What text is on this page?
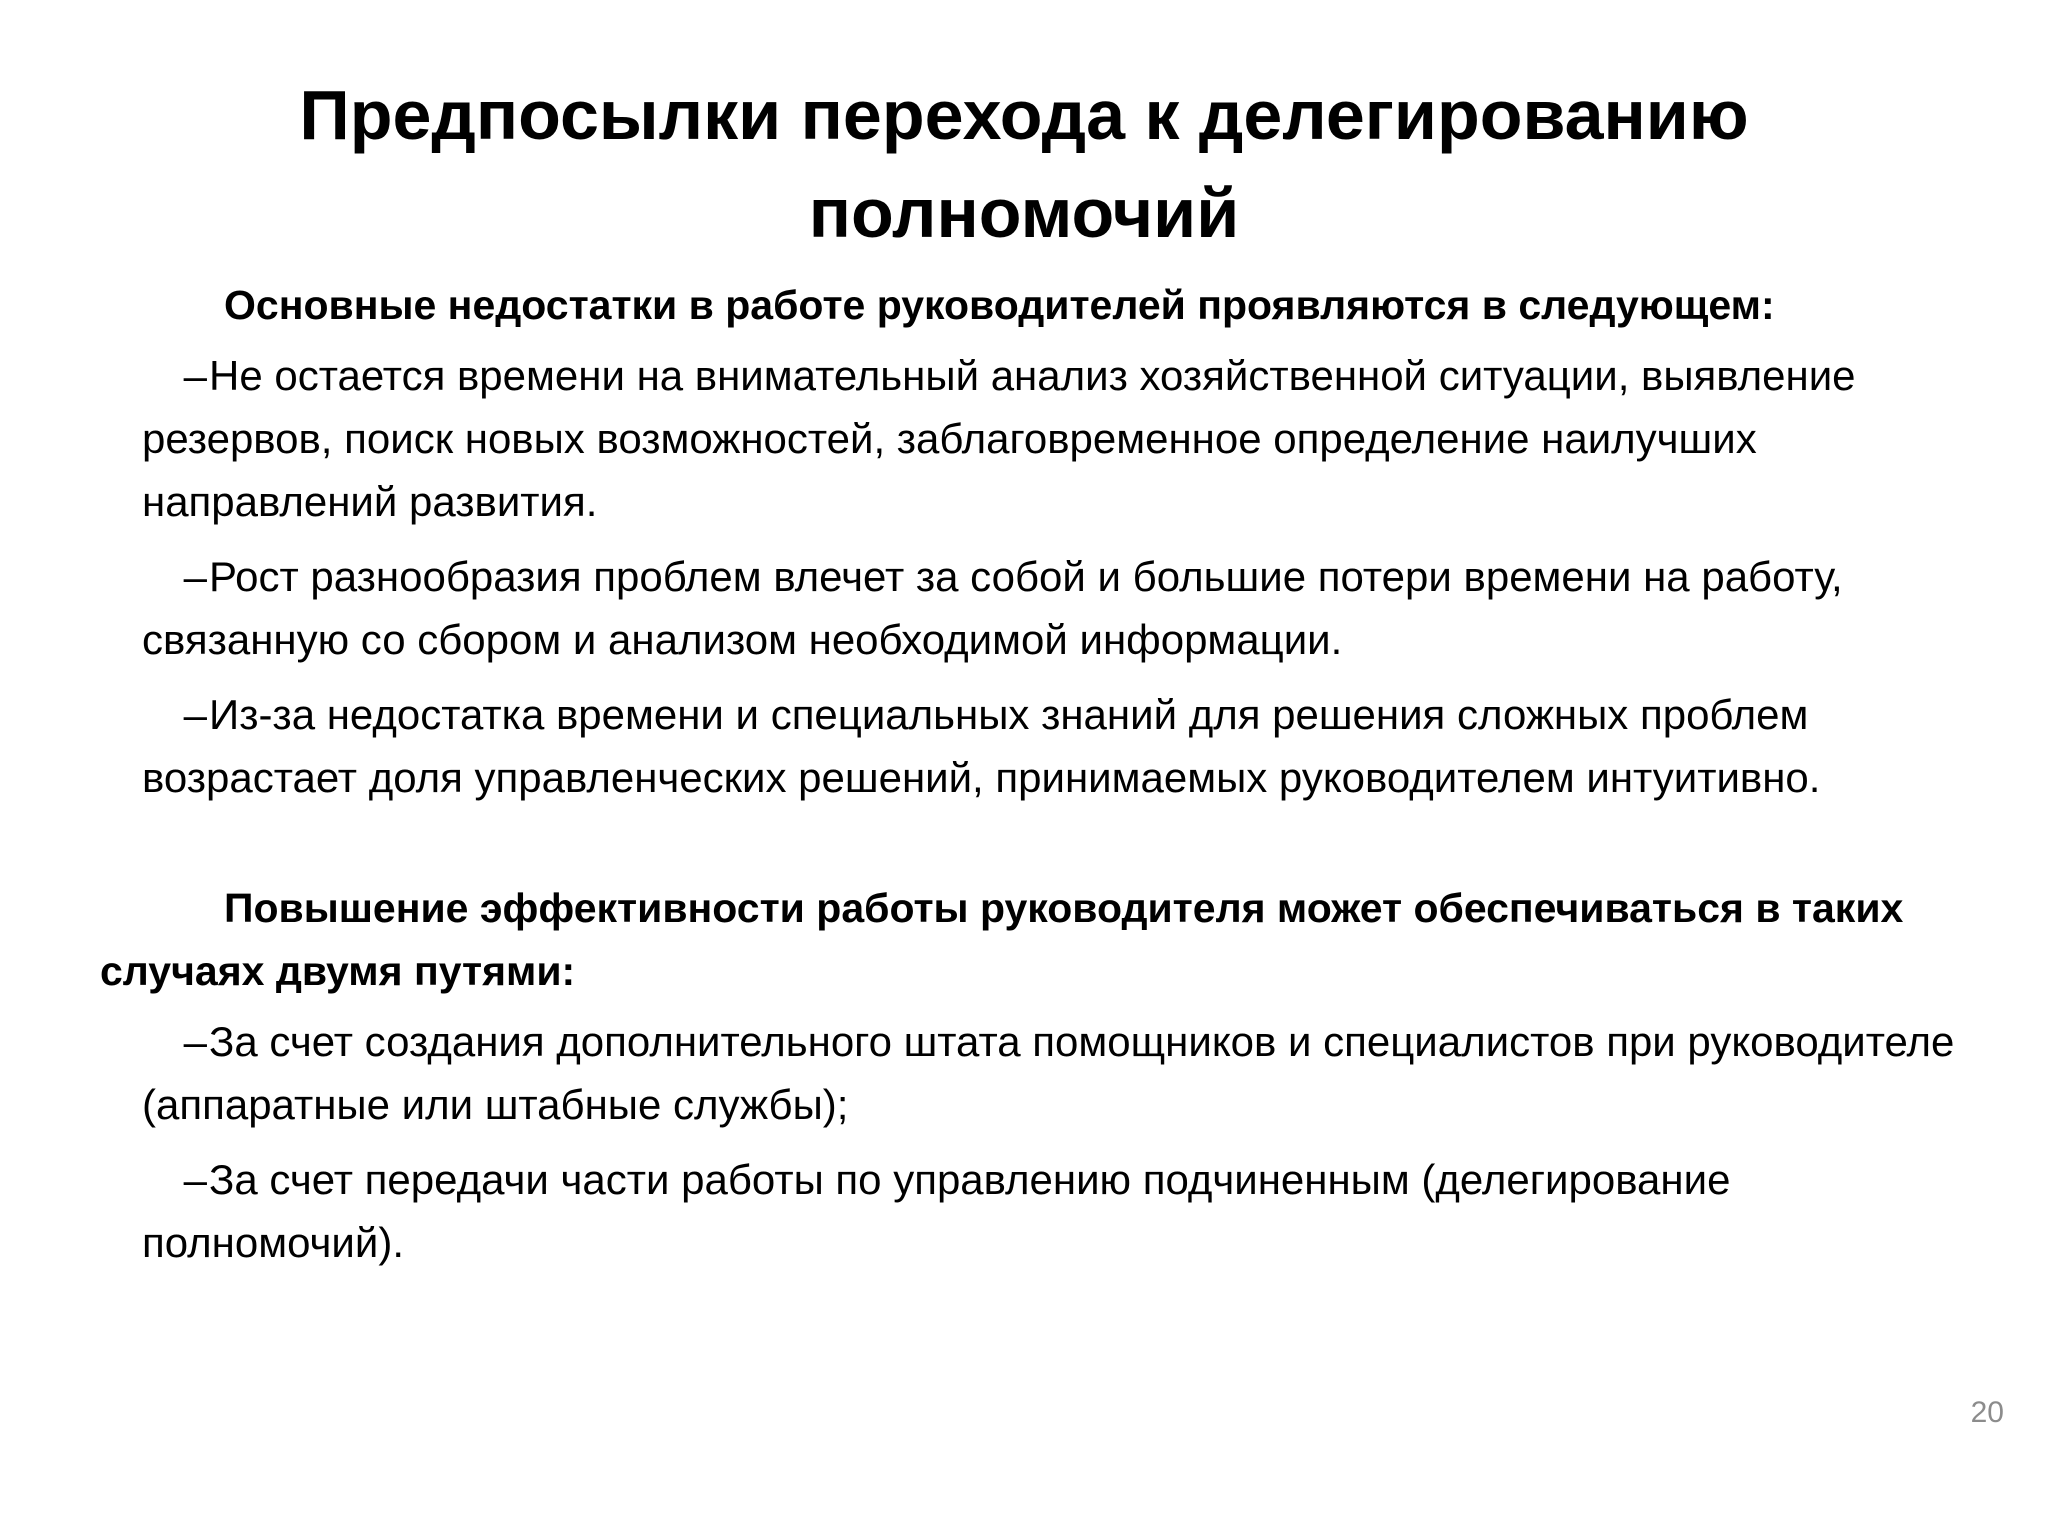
Предпосылки перехода к делегированию полномочий

Основные недостатки в работе руководителей проявляются в следующем:

–Не остается времени на внимательный анализ хозяйственной ситуации, выявление резервов, поиск новых возможностей, заблаговременное определение наилучших направлений развития.

–Рост разнообразия проблем влечет за собой и большие потери времени на работу, связанную со сбором и анализом необходимой информации.

–Из-за недостатка времени и специальных знаний для решения сложных проблем возрастает доля управленческих решений, принимаемых руководителем интуитивно.

Повышение эффективности работы руководителя может обеспечиваться в таких случаях двумя путями:

–За счет создания дополнительного штата помощников и специалистов при руководителе (аппаратные или штабные службы);

–За счет передачи части работы по управлению подчиненным (делегирование полномочий).

20
